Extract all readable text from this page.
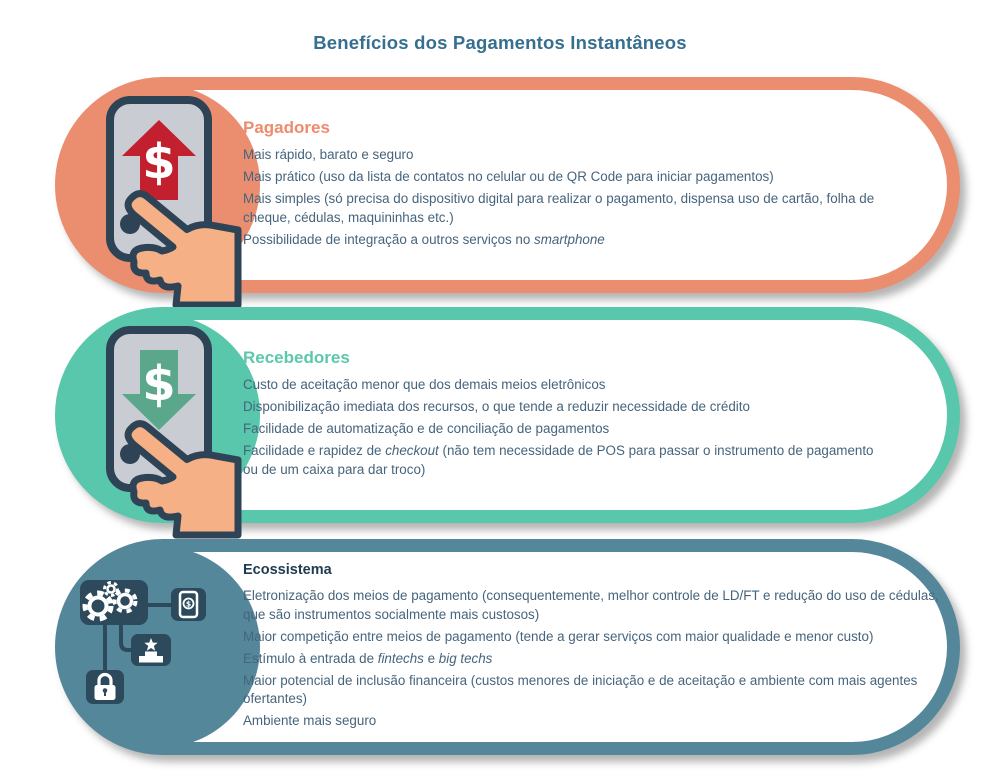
Benefícios dos Pagamentos Instantâneos
$
Pagadores

Mais rápido, barato e seguro

Mais prático (uso da lista de contatos no celular ou de QR Code para iniciar pagamentos)

Mais simples (só precisa do dispositivo digital para realizar o pagamento, dispensa uso de cartão, folha de cheque, cédulas, maquininhas etc.)

Possibilidade de integração a outros serviços no smartphone

$	Recebedores

Custo de aceitação menor que dos demais meios eletrônicos

Disponibilização imediata dos recursos, o que tende a reduzir necessidade de crédito

Facilidade de automatização e de conciliação de pagamentos

Facilidade e rapidez de checkout (não tem necessidade de POS para passar o instrumento de pagamento ou de um caixa para dar troco)

$
Ecossistema

Eletronização dos meios de pagamento (consequentemente, melhor controle de LD/FT e redução do uso de cédulas, que são instrumentos socialmente mais custosos)

Maior competição entre meios de pagamento (tende a gerar serviços com maior qualidade e menor custo)

Estímulo à entrada de fintechs e big techs

Maior potencial de inclusão financeira (custos menores de iniciação e de aceitação e ambiente com mais agentes ofertantes)

Ambiente mais seguro
